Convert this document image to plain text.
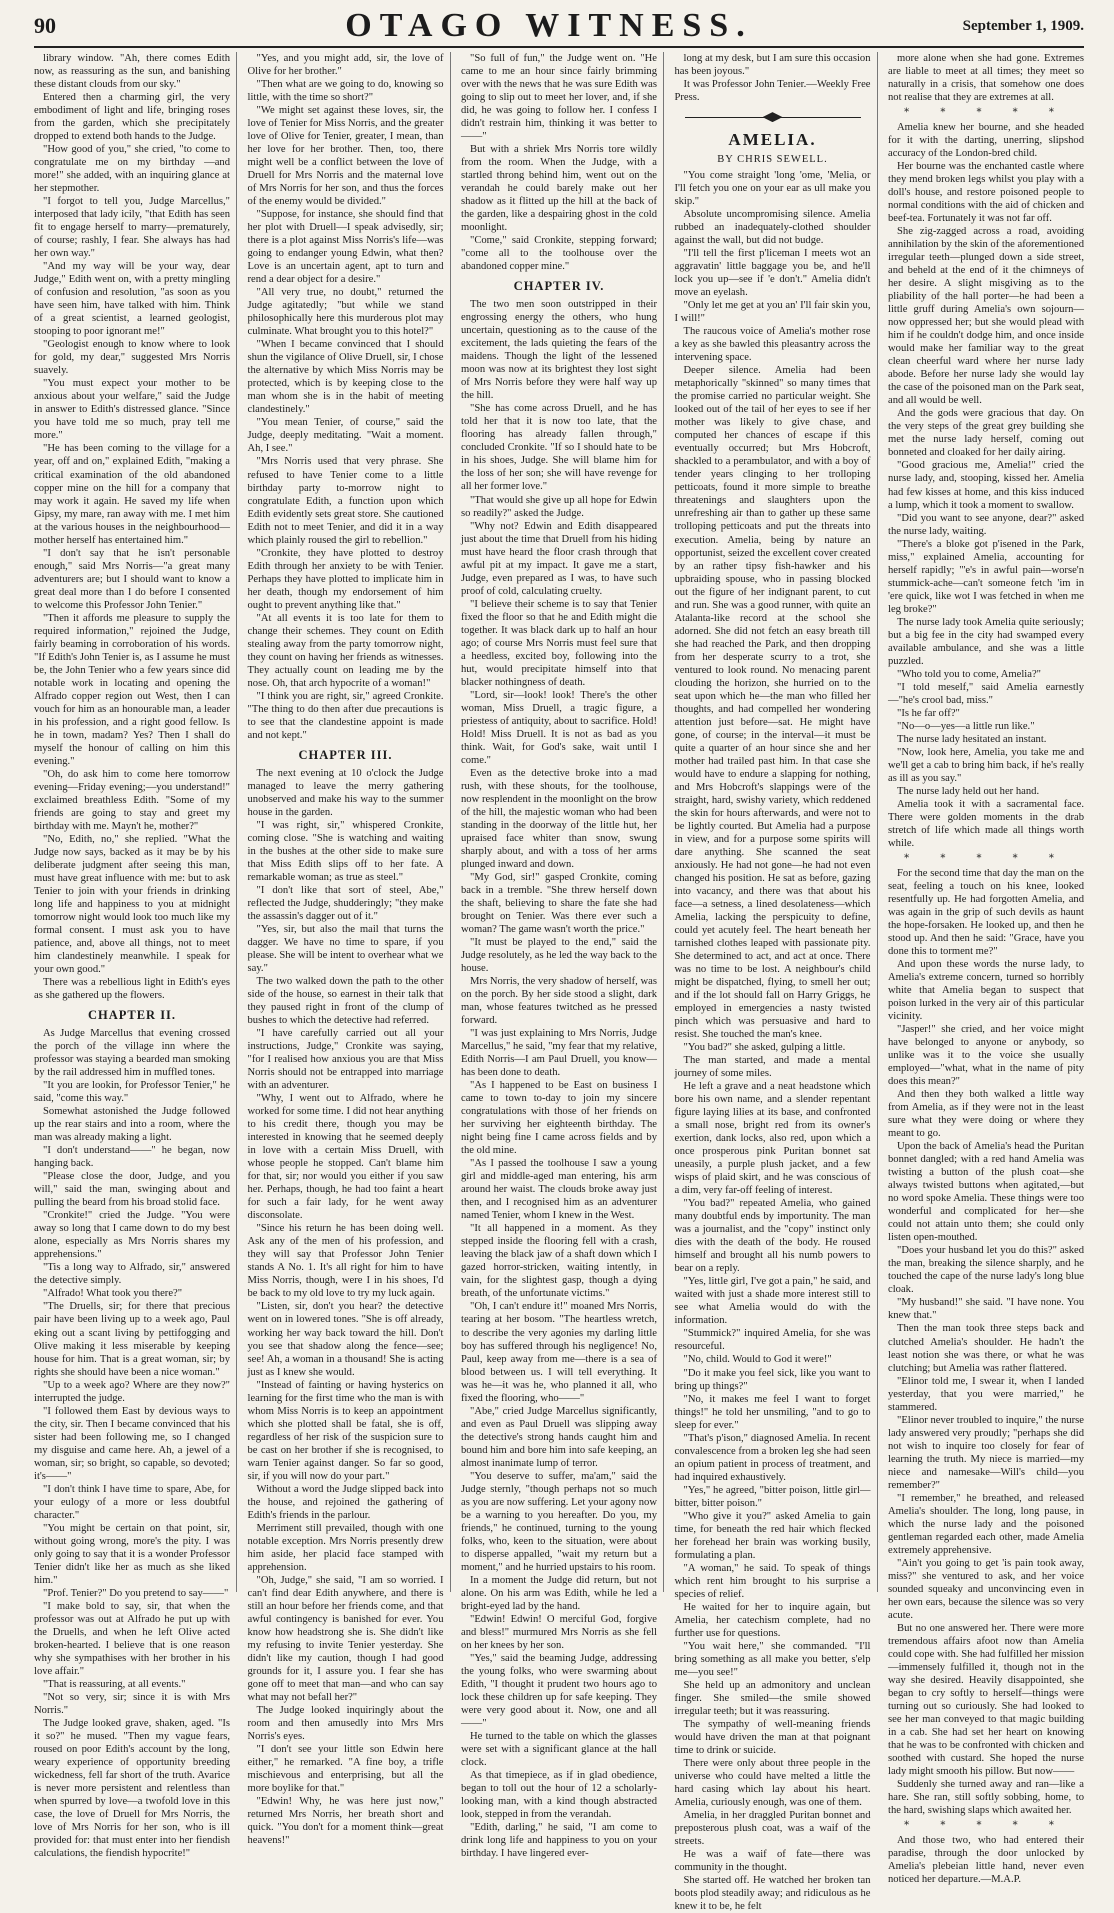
90	OTAGO WITNESS.	September 1, 1909.

library window. "Ah, there comes Edith now, as reassuring as the sun, and banishing these distant clouds from our sky."

Entered then a charming girl, the very embodiment of light and life, bringing roses from the garden, which she precipitately dropped to extend both hands to the Judge.

"How good of you," she cried, "to come to congratulate me on my birthday —and more!" she added, with an inquiring glance at her stepmother.

"I forgot to tell you, Judge Marcellus," interposed that lady icily, "that Edith has seen fit to engage herself to marry—prematurely, of course; rashly, I fear. She always has had her own way."

"And my way will be your way, dear Judge," Edith went on, with a pretty mingling of confusion and resolution, "as soon as you have seen him, have talked with him. Think of a great scientist, a learned geologist, stooping to poor ignorant me!"

"Geologist enough to know where to look for gold, my dear," suggested Mrs Norris suavely.

"You must expect your mother to be anxious about your welfare," said the Judge in answer to Edith's distressed glance. "Since you have told me so much, pray tell me more."

"He has been coming to the village for a year, off and on," explained Edith, "making a critical examination of the old abandoned copper mine on the hill for a company that may work it again. He saved my life when Gipsy, my mare, ran away with me. I met him at the various houses in the neighbourhood—mother herself has entertained him."

"I don't say that he isn't personable enough," said Mrs Norris—"a great many adventurers are; but I should want to know a great deal more than I do before I consented to welcome this Professor John Tenier."

"Then it affords me pleasure to supply the required information," rejoined the Judge, fairly beaming in corroboration of his words. "If Edith's John Tenier is, as I assume he must be, the John Tenier who a few years since did notable work in locating and opening the Alfrado copper region out West, then I can vouch for him as an honourable man, a leader in his profession, and a right good fellow. Is he in town, madam? Yes? Then I shall do myself the honour of calling on him this evening."

"Oh, do ask him to come here tomorrow evening—Friday evening;—you understand!" exclaimed breathless Edith. "Some of my friends are going to stay and greet my birthday with me. Mayn't he, mother?"

"No, Edith, no," she replied. "What the Judge now says, backed as it may be by his deliberate judgment after seeing this man, must have great influence with me: but to ask Tenier to join with your friends in drinking long life and happiness to you at midnight tomorrow night would look too much like my formal consent. I must ask you to have patience, and, above all things, not to meet him clandestinely meanwhile. I speak for your own good."

There was a rebellious light in Edith's eyes as she gathered up the flowers.

CHAPTER II.

As Judge Marcellus that evening crossed the porch of the village inn where the professor was staying a bearded man smoking by the rail addressed him in muffled tones.

"It you are lookin, for Professor Tenier," he said, "come this way."

Somewhat astonished the Judge followed up the rear stairs and into a room, where the man was already making a light.

"I don't understand——" he began, now hanging back.

"Please close the door, Judge, and you will," said the man, swinging about and pulling the beard from his broad stolid face.

"Cronkite!" cried the Judge. "You were away so long that I came down to do my best alone, especially as Mrs Norris shares my apprehensions."

"Tis a long way to Alfrado, sir," answered the detective simply.

"Alfrado! What took you there?"

"The Druells, sir; for there that precious pair have been living up to a week ago, Paul eking out a scant living by pettifogging and Olive making it less miserable by keeping house for him. That is a great woman, sir; by rights she should have been a nice woman."

"Up to a week ago? Where are they now?" interrupted the judge.

"I followed them East by devious ways to the city, sir. Then I became convinced that his sister had been following me, so I changed my disguise and came here. Ah, a jewel of a woman, sir; so bright, so capable, so devoted; it's——"

"I don't think I have time to spare, Abe, for your eulogy of a more or less doubtful character."

"You might be certain on that point, sir, without going wrong, more's the pity. I was only going to say that it is a wonder Professor Tenier didn't like her as much as she liked him."

"Prof. Tenier?" Do you pretend to say——"

"I make bold to say, sir, that when the professor was out at Alfrado he put up with the Druells, and when he left Olive acted broken-hearted. I believe that is one reason why she sympathises with her brother in his love affair."

"That is reassuring, at all events."

"Not so very, sir; since it is with Mrs Norris."

The Judge looked grave, shaken, aged. "Is it so?" he mused. "Then my vague fears, roused on poor Edith's account by the long, weary experience of opportunity breeding wickedness, fell far short of the truth. Avarice is never more persistent and relentless than when spurred by love—a twofold love in this case, the love of Druell for Mrs Norris, the love of Mrs Norris for her son, who is ill provided for: that must enter into her fiendish calculations, the fiendish hypocrite!"

"Yes, and you might add, sir, the love of Olive for her brother."

"Then what are we going to do, knowing so little, with the time so short?"

"We might set against these loves, sir, the love of Tenier for Miss Norris, and the greater love of Olive for Tenier, greater, I mean, than her love for her brother. Then, too, there might well be a conflict between the love of Druell for Mrs Norris and the maternal love of Mrs Norris for her son, and thus the forces of the enemy would be divided."

"Suppose, for instance, she should find that her plot with Druell—I speak advisedly, sir; there is a plot against Miss Norris's life—was going to endanger young Edwin, what then? Love is an uncertain agent, apt to turn and rend a dear object for a desire."

"All very true, no doubt," returned the Judge agitatedly; "but while we stand philosophically here this murderous plot may culminate. What brought you to this hotel?"

"When I became convinced that I should shun the vigilance of Olive Druell, sir, I chose the alternative by which Miss Norris may be protected, which is by keeping close to the man whom she is in the habit of meeting clandestinely."

"You mean Tenier, of course," said the Judge, deeply meditating. "Wait a moment. Ah, I see."

"Mrs Norris used that very phrase. She refused to have Tenier come to a little birthday party to-morrow night to congratulate Edith, a function upon which Edith evidently sets great store. She cautioned Edith not to meet Tenier, and did it in a way which plainly roused the girl to rebellion."

"Cronkite, they have plotted to destroy Edith through her anxiety to be with Tenier. Perhaps they have plotted to implicate him in her death, though my endorsement of him ought to prevent anything like that."

"At all events it is too late for them to change their schemes. They count on Edith stealing away from the party tomorrow night, they count on having her friends as witnesses. They actually count on leading me by the nose. Oh, that arch hypocrite of a woman!"

"I think you are right, sir," agreed Cronkite. "The thing to do then after due precautions is to see that the clandestine appoint is made and not kept."

CHAPTER III.

The next evening at 10 o'clock the Judge managed to leave the merry gathering unobserved and make his way to the summer house in the garden.

"I was right, sir," whispered Cronkite, coming close. "She is watching and waiting in the bushes at the other side to make sure that Miss Edith slips off to her fate. A remarkable woman; as true as steel."

"I don't like that sort of steel, Abe," reflected the Judge, shudderingly; "they make the assassin's dagger out of it."

"Yes, sir, but also the mail that turns the dagger. We have no time to spare, if you please. She will be intent to overhear what we say."

The two walked down the path to the other side of the house, so earnest in their talk that they paused right in front of the clump of bushes to which the detective had referred.

"I have carefully carried out all your instructions, Judge," Cronkite was saying, "for I realised how anxious you are that Miss Norris should not be entrapped into marriage with an adventurer.

"Why, I went out to Alfrado, where he worked for some time. I did not hear anything to his credit there, though you may be interested in knowing that he seemed deeply in love with a certain Miss Druell, with whose people he stopped. Can't blame him for that, sir; nor would you either if you saw her. Perhaps, though, he had too faint a heart for such a fair lady, for he went away disconsolate.

"Since his return he has been doing well. Ask any of the men of his profession, and they will say that Professor John Tenier stands A No. 1. It's all right for him to have Miss Norris, though, were I in his shoes, I'd be back to my old love to try my luck again.

"Listen, sir, don't you hear? the detective went on in lowered tones. "She is off already, working her way back toward the hill. Don't you see that shadow along the fence—see; see! Ah, a woman in a thousand! She is acting just as I knew she would.

"Instead of fainting or having hysterics on learning for the first time who the man is with whom Miss Norris is to keep an appointment which she plotted shall be fatal, she is off, regardless of her risk of the suspicion sure to be cast on her brother if she is recognised, to warn Tenier against danger. So far so good, sir, if you will now do your part."

Without a word the Judge slipped back into the house, and rejoined the gathering of Edith's friends in the parlour.

Merriment still prevailed, though with one notable exception. Mrs Norris presently drew him aside, her placid face stamped with apprehension.

"Oh, Judge," she said, "I am so worried. I can't find dear Edith anywhere, and there is still an hour before her friends come, and that awful contingency is banished for ever. You know how headstrong she is. She didn't like my refusing to invite Tenier yesterday. She didn't like my caution, though I had good grounds for it, I assure you. I fear she has gone off to meet that man—and who can say what may not befall her?"

The Judge looked inquiringly about the room and then amusedly into Mrs Mrs Norris's eyes.

"I don't see your little son Edwin here either," he remarked. "A fine boy, a trifle mischievous and enterprising, but all the more boylike for that."

"Edwin! Why, he was here just now," returned Mrs Norris, her breath short and quick. "You don't for a moment think—great heavens!"

"So full of fun," the Judge went on. "He came to me an hour since fairly brimming over with the news that he was sure Edith was going to slip out to meet her lover, and, if she did, he was going to follow her. I confess I didn't restrain him, thinking it was better to——"

But with a shriek Mrs Norris tore wildly from the room. When the Judge, with a startled throng behind him, went out on the verandah he could barely make out her shadow as it flitted up the hill at the back of the garden, like a despairing ghost in the cold moonlight.

"Come," said Cronkite, stepping forward; "come all to the toolhouse over the abandoned copper mine."

CHAPTER IV.

The two men soon outstripped in their engrossing energy the others, who hung uncertain, questioning as to the cause of the excitement, the lads quieting the fears of the maidens. Though the light of the lessened moon was now at its brightest they lost sight of Mrs Norris before they were half way up the hill.

"She has come across Druell, and he has told her that it is now too late, that the flooring has already fallen through," concluded Cronkite. "If so I should hate to be in his shoes, Judge. She will blame him for the loss of her son; she will have revenge for all her former love."

"That would she give up all hope for Edwin so readily?" asked the Judge.

"Why not? Edwin and Edith disappeared just about the time that Druell from his hiding must have heard the floor crash through that awful pit at my impact. It gave me a start, Judge, even prepared as I was, to have such proof of cold, calculating cruelty.

"I believe their scheme is to say that Tenier fixed the floor so that he and Edith might die together. It was black dark up to half an hour ago; of course Mrs Norris must feel sure that a heedless, excited boy, following into the hut, would precipitate himself into that blacker nothingness of death.

"Lord, sir—look! look! There's the other woman, Miss Druell, a tragic figure, a priestess of antiquity, about to sacrifice. Hold! Hold! Miss Druell. It is not as bad as you think. Wait, for God's sake, wait until I come."

Even as the detective broke into a mad rush, with these shouts, for the toolhouse, now resplendent in the moonlight on the brow of the hill, the majestic woman who had been standing in the doorway of the little hut, her upraised face whiter than snow, swung sharply about, and with a toss of her arms plunged inward and down.

"My God, sir!" gasped Cronkite, coming back in a tremble. "She threw herself down the shaft, believing to share the fate she had brought on Tenier. Was there ever such a woman? The game wasn't worth the price."

"It must be played to the end," said the Judge resolutely, as he led the way back to the house.

Mrs Norris, the very shadow of herself, was on the porch. By her side stood a slight, dark man, whose features twitched as he pressed forward.

"I was just explaining to Mrs Norris, Judge Marcellus," he said, "my fear that my relative, Edith Norris—I am Paul Druell, you know—has been done to death.

"As I happened to be East on business I came to town to-day to join my sincere congratulations with those of her friends on her surviving her eighteenth birthday. The night being fine I came across fields and by the old mine.

"As I passed the toolhouse I saw a young girl and middle-aged man entering, his arm around her waist. The clouds broke away just then, and I recognised him as an adventurer named Tenier, whom I knew in the West.

"It all happened in a moment. As they stepped inside the flooring fell with a crash, leaving the black jaw of a shaft down which I gazed horror-stricken, waiting intently, in vain, for the slightest gasp, though a dying breath, of the unfortunate victims."

"Oh, I can't endure it!" moaned Mrs Norris, tearing at her bosom. "The heartless wretch, to describe the very agonies my darling little boy has suffered through his negligence! No, Paul, keep away from me—there is a sea of blood between us. I will tell everything. It was he—it was he, who planned it all, who fixed the flooring, who——"

"Abe," cried Judge Marcellus significantly, and even as Paul Druell was slipping away the detective's strong hands caught him and bound him and bore him into safe keeping, an almost inanimate lump of terror.

"You deserve to suffer, ma'am," said the Judge sternly, "though perhaps not so much as you are now suffering. Let your agony now be a warning to you hereafter. Do you, my friends," he continued, turning to the young folks, who, keen to the situation, were about to disperse appalled, "wait my return but a moment," and he hurried upstairs to his room.

In a moment the Judge did return, but not alone. On his arm was Edith, while he led a bright-eyed lad by the hand.

"Edwin! Edwin! O merciful God, forgive and bless!" murmured Mrs Norris as she fell on her knees by her son.

"Yes," said the beaming Judge, addressing the young folks, who were swarming about Edith, "I thought it prudent two hours ago to lock these children up for safe keeping. They were very good about it. Now, one and all——"

He turned to the table on which the glasses were set with a significant glance at the hall clock.

As that timepiece, as if in glad obedience, began to toll out the hour of 12 a scholarly-looking man, with a kind though abstracted look, stepped in from the verandah.

"Edith, darling," he said, "I am come to drink long life and happiness to you on your birthday. I have lingered ever-

long at my desk, but I am sure this occasion has been joyous."

It was Professor John Tenier.—Weekly Free Press.

AMELIA.
BY CHRIS SEWELL.

"You come straight 'long 'ome, 'Melia, or I'll fetch you one on your ear as ull make you skip."

Absolute uncompromising silence. Amelia rubbed an inadequately-clothed shoulder against the wall, but did not budge.

"I'll tell the first p'liceman I meets wot an aggravatin' little baggage you be, and he'll lock you up—see if 'e don't." Amelia didn't move an eyelash.

"Only let me get at you an' I'll fair skin you, I will!"

The raucous voice of Amelia's mother rose a key as she bawled this pleasantry across the intervening space.

Deeper silence. Amelia had been metaphorically "skinned" so many times that the promise carried no particular weight. She looked out of the tail of her eyes to see if her mother was likely to give chase, and computed her chances of escape if this eventually occurred; but Mrs Hobcroft, shackled to a perambulator, and with a boy of tender years clinging to her trolloping petticoats, found it more simple to breathe threatenings and slaughters upon the unrefreshing air than to gather up these same trolloping petticoats and put the threats into execution. Amelia, being by nature an opportunist, seized the excellent cover created by an rather tipsy fish-hawker and his upbraiding spouse, who in passing blocked out the figure of her indignant parent, to cut and run. She was a good runner, with quite an Atalanta-like record at the school she adorned. She did not fetch an easy breath till she had reached the Park, and then dropping from her desperate scurry to a trot, she ventured to look round. No menacing parent clouding the horizon, she hurried on to the seat upon which he—the man who filled her thoughts, and had compelled her wondering attention just before—sat. He might have gone, of course; in the interval—it must be quite a quarter of an hour since she and her mother had trailed past him. In that case she would have to endure a slapping for nothing, and Mrs Hobcroft's slappings were of the straight, hard, swishy variety, which reddened the skin for hours afterwards, and were not to be lightly courted. But Amelia had a purpose in view, and for a purpose some spirits will dare anything. She scanned the seat anxiously. He had not gone—he had not even changed his position. He sat as before, gazing into vacancy, and there was that about his face—a setness, a lined desolateness—which Amelia, lacking the perspicuity to define, could yet acutely feel. The heart beneath her tarnished clothes leaped with passionate pity. She determined to act, and act at once. There was no time to be lost. A neighbour's child might be dispatched, flying, to smell her out; and if the lot should fall on Harry Griggs, he employed in emergencies a nasty twisted pinch which was persuasive and hard to resist. She touched the man's knee.

"You bad?" she asked, gulping a little.

The man started, and made a mental journey of some miles.

He left a grave and a neat headstone which bore his own name, and a slender repentant figure laying lilies at its base, and confronted a small nose, bright red from its owner's exertion, dank locks, also red, upon which a once prosperous pink Puritan bonnet sat uneasily, a purple plush jacket, and a few wisps of plaid skirt, and he was conscious of a dim, very far-off feeling of interest.

"You bad?" repeated Amelia, who gained many doubtful ends by importunity. The man was a journalist, and the "copy" instinct only dies with the death of the body. He roused himself and brought all his numb powers to bear on a reply.

"Yes, little girl, I've got a pain," he said, and waited with just a shade more interest still to see what Amelia would do with the information.

"Stummick?" inquired Amelia, for she was resourceful.

"No, child. Would to God it were!"

"Do it make you feel sick, like you want to bring up things?"

"No, it makes me feel I want to forget things!" he told her unsmiling, "and to go to sleep for ever."

"That's p'ison," diagnosed Amelia. In recent convalescence from a broken leg she had seen an opium patient in process of treatment, and had inquired exhaustively.

"Yes," he agreed, "bitter poison, little girl—bitter, bitter poison."

"Who give it you?" asked Amelia to gain time, for beneath the red hair which flecked her forehead her brain was working busily, formulating a plan.

"A woman," he said. To speak of things which rent him brought to his surprise a species of relief.

He waited for her to inquire again, but Amelia, her catechism complete, had no further use for questions.

"You wait here," she commanded. "I'll bring something as all make you better, s'elp me—you see!"

She held up an admonitory and unclean finger. She smiled—the smile showed irregular teeth; but it was reassuring.

The sympathy of well-meaning friends would have driven the man at that poignant time to drink or suicide.

There were only about three people in the universe who could have melted a little the hard casing which lay about his heart. Amelia, curiously enough, was one of them.

Amelia, in her draggled Puritan bonnet and preposterous plush coat, was a waif of the streets.

He was a waif of fate—there was community in the thought.

She started off. He watched her broken tan boots plod steadily away; and ridiculous as he knew it to be, he felt

more alone when she had gone. Extremes are liable to meet at all times; they meet so naturally in a crisis, that somehow one does not realise that they are extremes at all.

* * * * *

Amelia knew her bourne, and she headed for it with the darting, unerring, slipshod accuracy of the London-bred child.

Her bourne was the enchanted castle where they mend broken legs whilst you play with a doll's house, and restore poisoned people to normal conditions with the aid of chicken and beef-tea. Fortunately it was not far off.

She zig-zagged across a road, avoiding annihilation by the skin of the aforementioned irregular teeth—plunged down a side street, and beheld at the end of it the chimneys of her desire. A slight misgiving as to the pliability of the hall porter—he had been a little gruff during Amelia's own sojourn—now oppressed her; but she would plead with him if he couldn't dodge him, and once inside would make her familiar way to the great clean cheerful ward where her nurse lady abode. Before her nurse lady she would lay the case of the poisoned man on the Park seat, and all would be well.

And the gods were gracious that day. On the very steps of the great grey building she met the nurse lady herself, coming out bonneted and cloaked for her daily airing.

"Good gracious me, Amelia!" cried the nurse lady, and, stooping, kissed her. Amelia had few kisses at home, and this kiss induced a lump, which it took a moment to swallow.

"Did you want to see anyone, dear?" asked the nurse lady, waiting.

"There's a bloke got p'isened in the Park, miss," explained Amelia, accounting for herself rapidly; "'e's in awful pain—worse'n stummick-ache—can't someone fetch 'im in 'ere quick, like wot I was fetched in when me leg broke?"

The nurse lady took Amelia quite seriously; but a big fee in the city had swamped every available ambulance, and she was a little puzzled.

"Who told you to come, Amelia?"

"I told meself," said Amelia earnestly—"he's crool bad, miss."

"Is he far off?"

"No—o—yes—a little run like."

The nurse lady hesitated an instant.

"Now, look here, Amelia, you take me and we'll get a cab to bring him back, if he's really as ill as you say."

The nurse lady held out her hand.

Amelia took it with a sacramental face. There were golden moments in the drab stretch of life which made all things worth while.

* * * * *

For the second time that day the man on the seat, feeling a touch on his knee, looked resentfully up. He had forgotten Amelia, and was again in the grip of such devils as haunt the hope-forsaken. He looked up, and then he stood up. And then he said: "Grace, have you done this to torment me?"

And upon these words the nurse lady, to Amelia's extreme concern, turned so horribly white that Amelia began to suspect that poison lurked in the very air of this particular vicinity.

"Jasper!" she cried, and her voice might have belonged to anyone or anybody, so unlike was it to the voice she usually employed—"what, what in the name of pity does this mean?"

And then they both walked a little way from Amelia, as if they were not in the least sure what they were doing or where they meant to go.

Upon the back of Amelia's head the Puritan bonnet dangled; with a red hand Amelia was twisting a button of the plush coat—she always twisted buttons when agitated,—but no word spoke Amelia. These things were too wonderful and complicated for her—she could not attain unto them; she could only listen open-mouthed.

"Does your husband let you do this?" asked the man, breaking the silence sharply, and he touched the cape of the nurse lady's long blue cloak.

"My husband!" she said. "I have none. You knew that."

Then the man took three steps back and clutched Amelia's shoulder. He hadn't the least notion she was there, or what he was clutching; but Amelia was rather flattered.

"Elinor told me, I swear it, when I landed yesterday, that you were married," he stammered.

"Elinor never troubled to inquire," the nurse lady answered very proudly; "perhaps she did not wish to inquire too closely for fear of learning the truth. My niece is married—my niece and namesake—Will's child—you remember?"

"I remember," he breathed, and released Amelia's shoulder. The long, long pause, in which the nurse lady and the poisoned gentleman regarded each other, made Amelia extremely apprehensive.

"Ain't you going to get 'is pain took away, miss?" she ventured to ask, and her voice sounded squeaky and unconvincing even in her own ears, because the silence was so very acute.

But no one answered her. There were more tremendous affairs afoot now than Amelia could cope with. She had fulfilled her mission—immensely fulfilled it, though not in the way she desired. Heavily disappointed, she began to cry softly to herself—things were turning out so curiously. She had looked to see her man conveyed to that magic building in a cab. She had set her heart on knowing that he was to be confronted with chicken and soothed with custard. She hoped the nurse lady might smooth his pillow. But now——

Suddenly she turned away and ran—like a hare. She ran, still softly sobbing, home, to the hard, swishing slaps which awaited her.

* * * * *

And those two, who had entered their paradise, through the door unlocked by Amelia's plebeian little hand, never even noticed her departure.—M.A.P.
